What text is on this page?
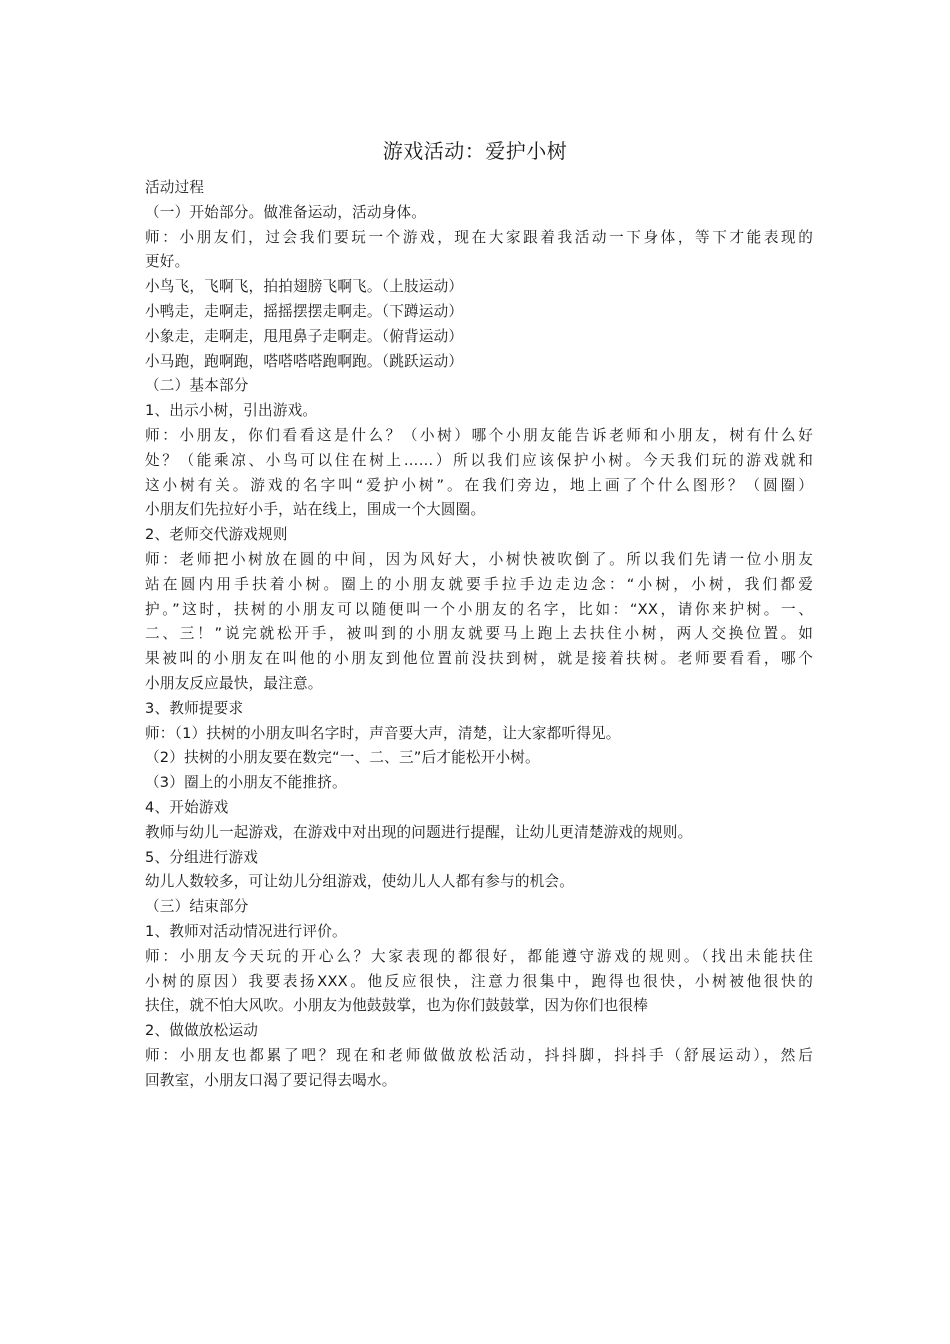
游戏活动：爱护小树
活动过程
（一）开始部分。做准备运动，活动身体。
师：小朋友们，过会我们要玩一个游戏，现在大家跟着我活动一下身体，等下才能表现的
更好。
小鸟飞，飞啊飞，拍拍翅膀飞啊飞。（上肢运动）
小鸭走，走啊走，摇摇摆摆走啊走。（下蹲运动）
小象走，走啊走，甩甩鼻子走啊走。（俯背运动）
小马跑，跑啊跑，嗒嗒嗒嗒跑啊跑。（跳跃运动）
（二）基本部分
1、出示小树，引出游戏。
师：小朋友，你们看看这是什么？（小树）哪个小朋友能告诉老师和小朋友，树有什么好
处？（能乘凉、小鸟可以住在树上……）所以我们应该保护小树。今天我们玩的游戏就和
这小树有关。游戏的名字叫“爱护小树”。在我们旁边，地上画了个什么图形？（圆圈）
小朋友们先拉好小手，站在线上，围成一个大圆圈。
2、老师交代游戏规则
师：老师把小树放在圆的中间，因为风好大，小树快被吹倒了。所以我们先请一位小朋友
站在圆内用手扶着小树。圈上的小朋友就要手拉手边走边念：“小树，小树，我们都爱
护。”这时，扶树的小朋友可以随便叫一个小朋友的名字，比如：“XX，请你来护树。一、
二、三！”说完就松开手，被叫到的小朋友就要马上跑上去扶住小树，两人交换位置。如
果被叫的小朋友在叫他的小朋友到他位置前没扶到树，就是接着扶树。老师要看看，哪个
小朋友反应最快，最注意。
3、教师提要求
师：（1）扶树的小朋友叫名字时，声音要大声，清楚，让大家都听得见。
（2）扶树的小朋友要在数完“一、二、三”后才能松开小树。
（3）圈上的小朋友不能推挤。
4、开始游戏
教师与幼儿一起游戏，在游戏中对出现的问题进行提醒，让幼儿更清楚游戏的规则。
5、分组进行游戏
幼儿人数较多，可让幼儿分组游戏，使幼儿人人都有参与的机会。
（三）结束部分
1、教师对活动情况进行评价。
师：小朋友今天玩的开心么？大家表现的都很好，都能遵守游戏的规则。（找出未能扶住
小树的原因）我要表扬XXX。他反应很快，注意力很集中，跑得也很快，小树被他很快的
扶住，就不怕大风吹。小朋友为他鼓鼓掌，也为你们鼓鼓掌，因为你们也很棒
2、做做放松运动
师：小朋友也都累了吧？现在和老师做做放松活动，抖抖脚，抖抖手（舒展运动），然后
回教室，小朋友口渴了要记得去喝水。
